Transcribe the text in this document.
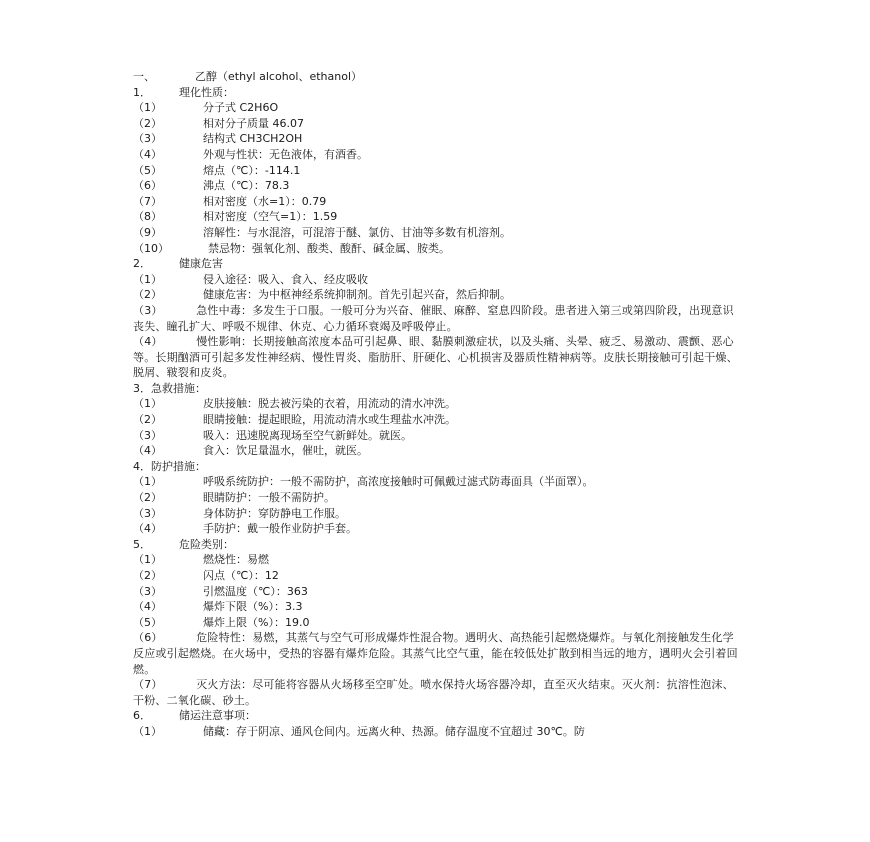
一、	乙醇（ethyl alcohol、ethanol）
1．	理化性质：
（1）	分子式 C2H6O
（2）	相对分子质量 46.07
（3）	结构式 CH3CH2OH
（4）	外观与性状：无色液体，有酒香。
（5）	熔点（℃）：-114.1
（6）	沸点（℃）：78.3
（7）	相对密度（水=1）：0.79
（8）	相对密度（空气=1）：1.59
（9）	溶解性：与水混溶，可混溶于醚、氯仿、甘油等多数有机溶剂。
（10）	禁忌物：强氧化剂、酸类、酸酐、碱金属、胺类。
2．	健康危害
（1）	侵入途径：吸入、食入、经皮吸收
（2）	健康危害：为中枢神经系统抑制剂。首先引起兴奋，然后抑制。
（3）   	急性中毒：多发生于口服。一般可分为兴奋、催眠、麻醉、窒息四阶段。患者进入第三或第四阶段，出现意识丧失、瞳孔扩大、呼吸不规律、休克、心力循环衰竭及呼吸停止。
（4）   	慢性影响：长期接触高浓度本品可引起鼻、眼、黏膜刺激症状，以及头痛、头晕、疲乏、易激动、震颤、恶心等。长期酗酒可引起多发性神经病、慢性胃炎、脂肪肝、肝硬化、心机损害及器质性精神病等。皮肤长期接触可引起干燥、脱屑、皲裂和皮炎。
3． 急救措施：
（1）	皮肤接触：脱去被污染的衣着，用流动的清水冲洗。
（2）	眼睛接触：提起眼睑，用流动清水或生理盐水冲洗。
（3）	吸入：迅速脱离现场至空气新鲜处。就医。
（4）	食入：饮足量温水，催吐，就医。
4． 防护措施：
（1）	呼吸系统防护：一般不需防护，高浓度接触时可佩戴过滤式防毒面具（半面罩）。
（2）	眼睛防护：一般不需防护。
（3）	身体防护：穿防静电工作服。
（4）	手防护：戴一般作业防护手套。
5．	危险类别：
（1）	燃烧性：易燃
（2）	闪点（℃）：12
（3）	引燃温度（℃）：363
（4）	爆炸下限（%）：3.3
（5）	爆炸上限（%）：19.0
（6）   	危险特性：易燃，其蒸气与空气可形成爆炸性混合物。遇明火、高热能引起燃烧爆炸。与氧化剂接触发生化学反应或引起燃烧。在火场中，受热的容器有爆炸危险。其蒸气比空气重，能在较低处扩散到相当远的地方，遇明火会引着回燃。
（7）   	灭火方法：尽可能将容器从火场移至空旷处。喷水保持火场容器冷却，直至灭火结束。灭火剂：抗溶性泡沫、干粉、二氧化碳、砂土。
6．	储运注意事项：
（1）	储藏：存于阴凉、通风仓间内。远离火种、热源。储存温度不宜超过 30℃。防
